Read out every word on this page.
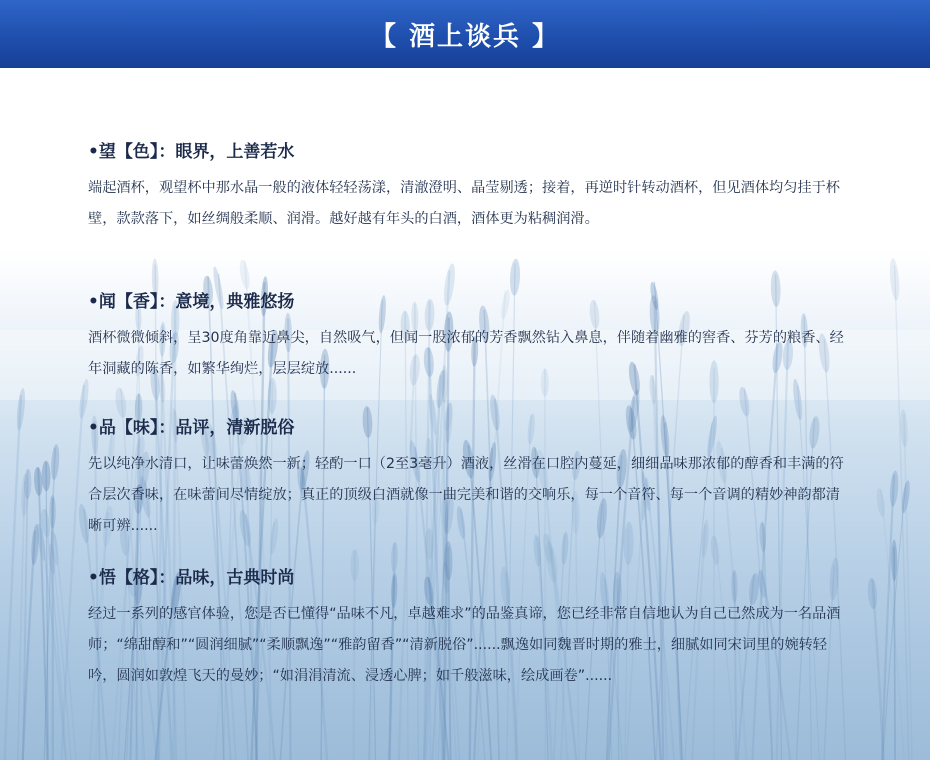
【 酒上谈兵 】

•望【色】：眼界，上善若水

端起酒杯，观望杯中那水晶一般的液体轻轻荡漾，清澈澄明、晶莹剔透；接着，再逆时针转动酒杯，但见酒体均匀挂于杯壁，款款落下，如丝绸般柔顺、润滑。越好越有年头的白酒，酒体更为粘稠润滑。

•闻【香】：意境，典雅悠扬

酒杯微微倾斜，呈30度角靠近鼻尖，自然吸气，但闻一股浓郁的芳香飘然钻入鼻息，伴随着幽雅的窖香、芬芳的粮香、经年洞藏的陈香，如繁华绚烂，层层绽放......

•品【味】：品评，清新脱俗

先以纯净水清口，让味蕾焕然一新；轻酌一口（2至3毫升）酒液，丝滑在口腔内蔓延，细细品味那浓郁的醇香和丰满的符合层次香味，在味蕾间尽情绽放；真正的顶级白酒就像一曲完美和谐的交响乐，每一个音符、每一个音调的精妙神韵都清晰可辨......

•悟【格】：品味，古典时尚

经过一系列的感官体验，您是否已懂得“品味不凡，卓越难求”的品鉴真谛，您已经非常自信地认为自己已然成为一名品酒师；“绵甜醇和”“圆润细腻”“柔顺飘逸”“雅韵留香”“清新脱俗”......飘逸如同魏晋时期的雅士，细腻如同宋词里的婉转轻吟，圆润如敦煌飞天的曼妙；“如涓涓清流、浸透心脾；如千般滋味，绘成画卷”......
